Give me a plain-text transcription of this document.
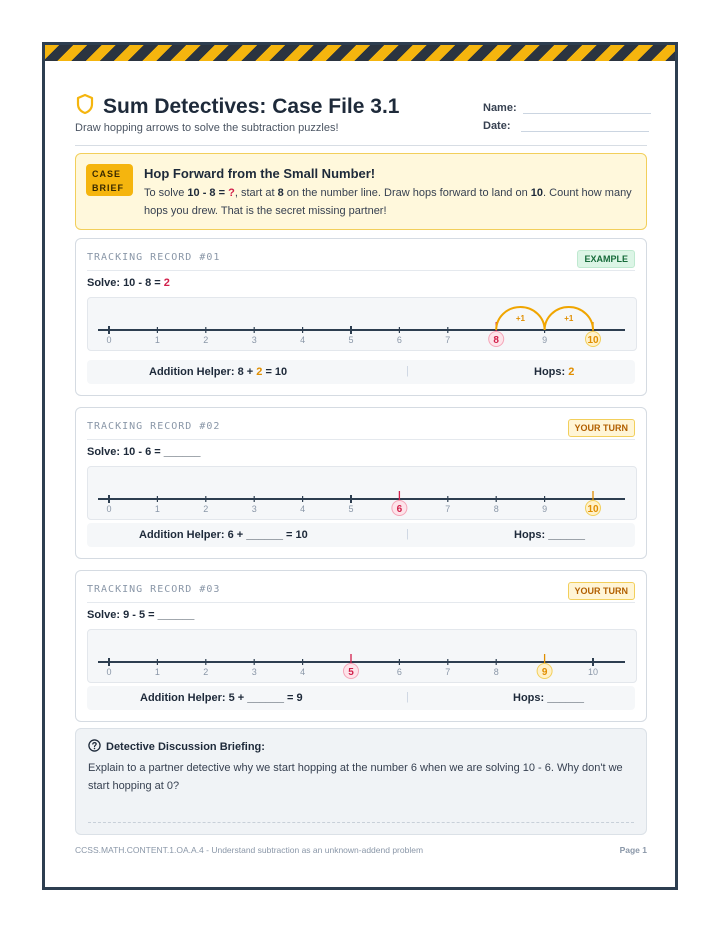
Sum Detectives: Case File 3.1
Draw hopping arrows to solve the subtraction puzzles!
Name:
Date:
CASE
BRIEF
Hop Forward from the Small Number!
To solve 10 - 8 = ?, start at 8 on the number line. Draw hops forward to land on 10. Count how many hops you drew. That is the secret missing partner!
TRACKING RECORD #01	EXAMPLE
Solve: 10 - 8 = 2
0	1	2	3	4	5	6	7	8	9	10
+1	+1
Addition Helper: 8 + 2 = 10	|	Hops: 2
TRACKING RECORD #02	YOUR TURN
Solve: 10 - 6 = ______
0	1	2	3	4	5	6	7	8	9	10
Addition Helper: 6 + ______ = 10	|	Hops: ______
TRACKING RECORD #03	YOUR TURN
Solve: 9 - 5 = ______
0	1	2	3	4	5	6	7	8	9	10
Addition Helper: 5 + ______ = 9	|	Hops: ______
Detective Discussion Briefing:
Explain to a partner detective why we start hopping at the number 6 when we are solving 10 - 6. Why don't we start hopping at 0?
CCSS.MATH.CONTENT.1.OA.A.4 - Understand subtraction as an unknown-addend problem	Page 1
